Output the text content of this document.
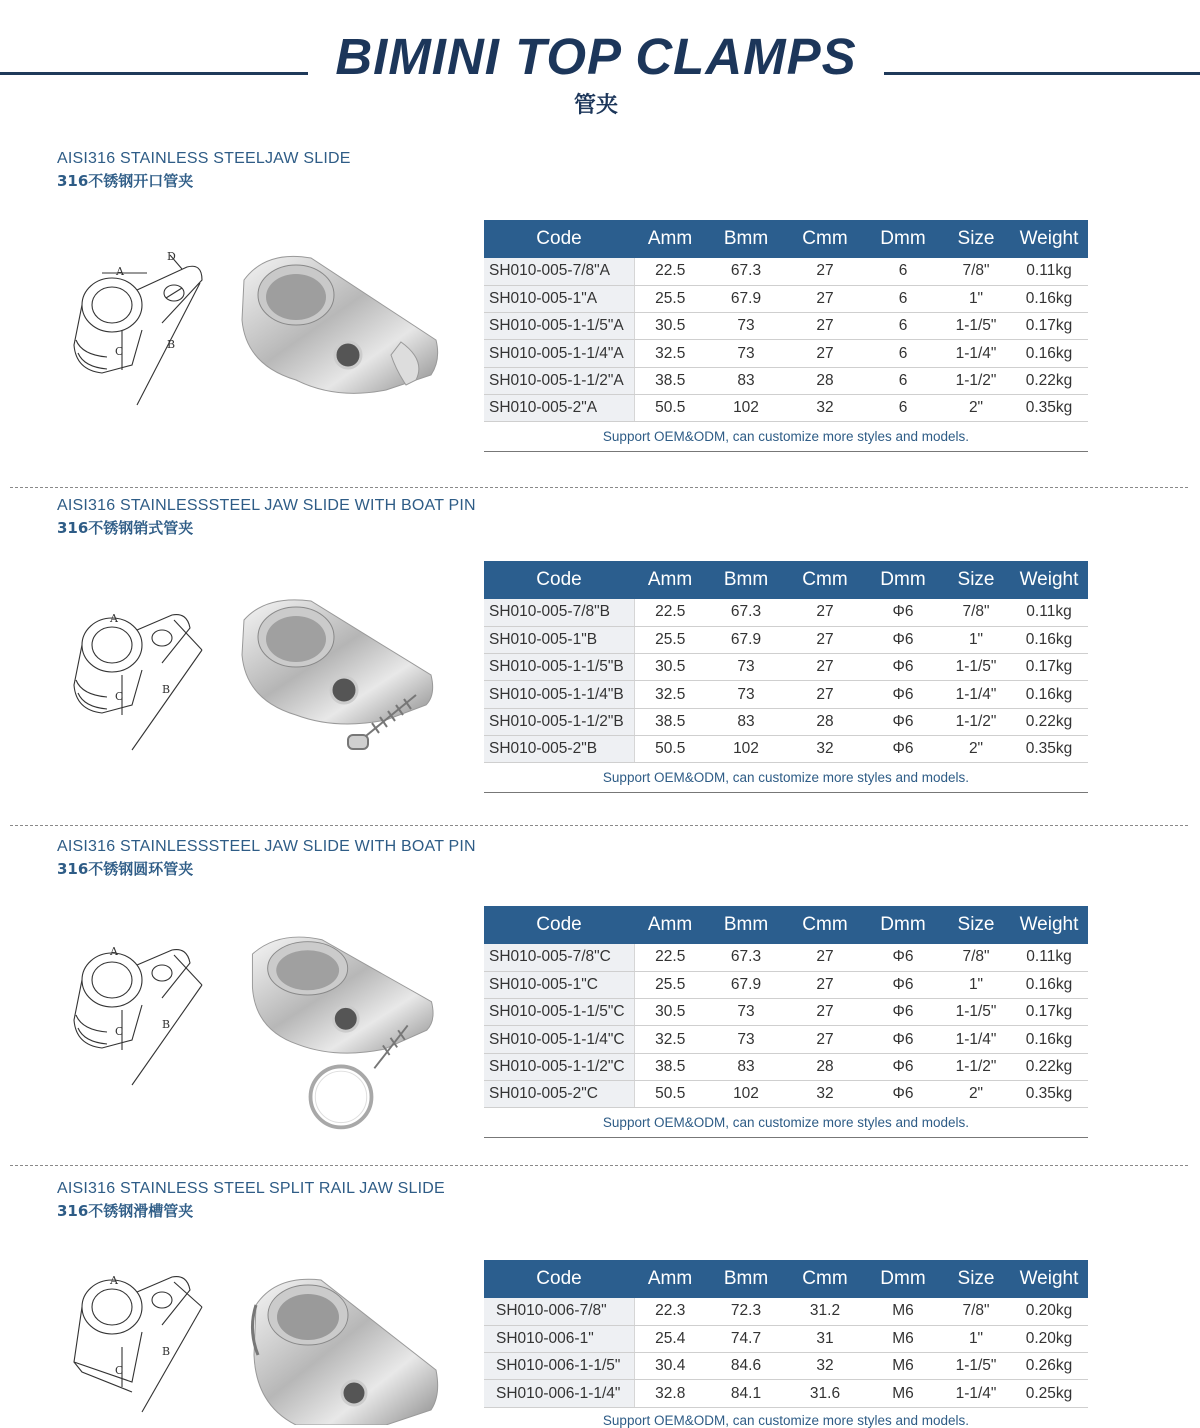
BIMINI TOP CLAMPS
管夹
AISI316 STAINLESS STEELJAW SLIDE
316不锈钢开口管夹
A
D
B
C
Code	Amm	Bmm	Cmm	Dmm	Size	Weight
SH010-005-7/8"A	22.5	67.3	27	6	7/8"	0.11kg
SH010-005-1"A	25.5	67.9	27	6	1"	0.16kg
SH010-005-1-1/5"A	30.5	73	27	6	1-1/5"	0.17kg
SH010-005-1-1/4"A	32.5	73	27	6	1-1/4"	0.16kg
SH010-005-1-1/2"A	38.5	83	28	6	1-1/2"	0.22kg
SH010-005-2"A	50.5	102	32	6	2"	0.35kg
Support OEM&ODM, can customize more styles and models.						
AISI316 STAINLESSSTEEL JAW SLIDE WITH BOAT PIN
316不锈钢销式管夹
A
B
C
Code	Amm	Bmm	Cmm	Dmm	Size	Weight
SH010-005-7/8"B	22.5	67.3	27	Φ6	7/8"	0.11kg
SH010-005-1"B	25.5	67.9	27	Φ6	1"	0.16kg
SH010-005-1-1/5"B	30.5	73	27	Φ6	1-1/5"	0.17kg
SH010-005-1-1/4"B	32.5	73	27	Φ6	1-1/4"	0.16kg
SH010-005-1-1/2"B	38.5	83	28	Φ6	1-1/2"	0.22kg
SH010-005-2"B	50.5	102	32	Φ6	2"	0.35kg
Support OEM&ODM, can customize more styles and models.						
AISI316 STAINLESSSTEEL JAW SLIDE WITH BOAT PIN
316不锈钢圆环管夹
A
B
C
Code	Amm	Bmm	Cmm	Dmm	Size	Weight
SH010-005-7/8"C	22.5	67.3	27	Φ6	7/8"	0.11kg
SH010-005-1"C	25.5	67.9	27	Φ6	1"	0.16kg
SH010-005-1-1/5"C	30.5	73	27	Φ6	1-1/5"	0.17kg
SH010-005-1-1/4"C	32.5	73	27	Φ6	1-1/4"	0.16kg
SH010-005-1-1/2"C	38.5	83	28	Φ6	1-1/2"	0.22kg
SH010-005-2"C	50.5	102	32	Φ6	2"	0.35kg
Support OEM&ODM, can customize more styles and models.						
AISI316 STAINLESS STEEL SPLIT RAIL JAW SLIDE
316不锈钢滑槽管夹
A
B
C
Code	Amm	Bmm	Cmm	Dmm	Size	Weight
SH010-006-7/8"	22.3	72.3	31.2	M6	7/8"	0.20kg
SH010-006-1"	25.4	74.7	31	M6	1"	0.20kg
SH010-006-1-1/5"	30.4	84.6	32	M6	1-1/5"	0.26kg
SH010-006-1-1/4"	32.8	84.1	31.6	M6	1-1/4"	0.25kg
Support OEM&ODM, can customize more styles and models.						
